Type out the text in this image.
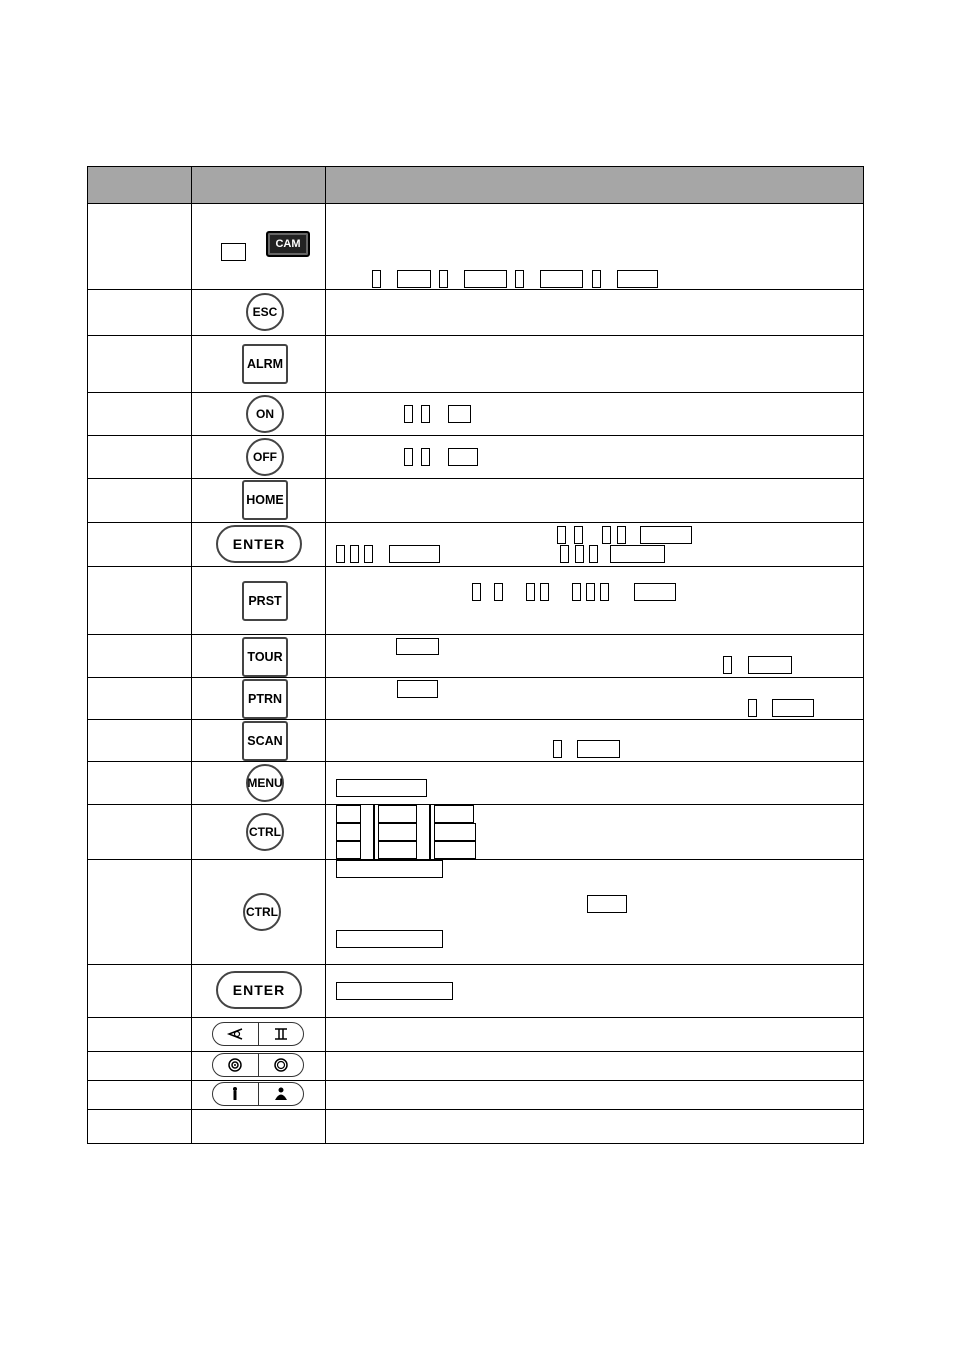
CAM
ESC
ALRM
ON
OFF
HOME
ENTER
PRST
TOUR
PTRN
SCAN
MENU
CTRL
CTRL
ENTER
